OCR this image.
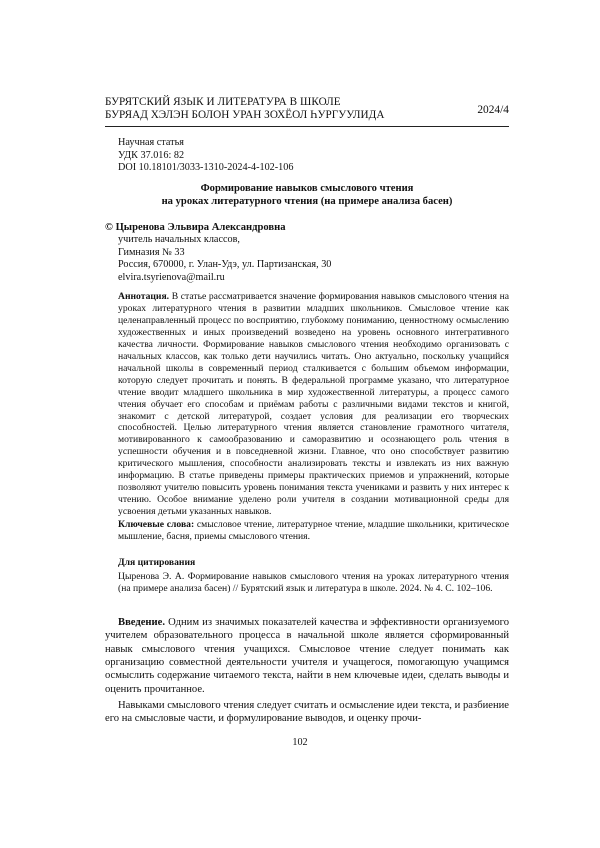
БУРЯТСКИЙ ЯЗЫК И ЛИТЕРАТУРА В ШКОЛЕ
БУРЯАД ХЭЛЭН БОЛОН УРАН ЗОХЁОЛ ҺУРГУУЛИДА	2024/4
Научная статья
УДК 37.016: 82
DOI 10.18101/3033-1310-2024-4-102-106
Формирование навыков смыслового чтения
на уроках литературного чтения (на примере анализа басен)
© Цыренова Эльвира Александровна
учитель начальных классов,
Гимназия № 33
Россия, 670000, г. Улан-Удэ, ул. Партизанская, 30
elvira.tsyrienova@mail.ru
Аннотация. В статье рассматривается значение формирования навыков смыслового чтения на уроках литературного чтения в развитии младших школьников. Смысловое чтение как целенаправленный процесс по восприятию, глубокому пониманию, ценностному осмыслению художественных и иных произведений возведено на уровень основного интегративного качества личности. Формирование навыков смыслового чтения необходимо организовать с начальных классов, как только дети научились читать. Оно актуально, поскольку учащийся начальной школы в современный период сталкивается с большим объемом информации, которую следует прочитать и понять. В федеральной программе указано, что литературное чтение вводит младшего школьника в мир художественной литературы, а процесс самого чтения обучает его способам и приёмам работы с различными видами текстов и книгой, знакомит с детской литературой, создает условия для реализации его творческих способностей. Целью литературного чтения является становление грамотного читателя, мотивированного к самообразованию и саморазвитию и осознающего роль чтения в успешности обучения и в повседневной жизни. Главное, что оно способствует развитию критического мышления, способности анализировать тексты и извлекать из них важную информацию. В статье приведены примеры практических приемов и упражнений, которые позволяют учителю повысить уровень понимания текста учениками и развить у них интерес к чтению. Особое внимание уделено роли учителя в создании мотивационной среды для усвоения детьми указанных навыков.
Ключевые слова: смысловое чтение, литературное чтение, младшие школьники, критическое мышление, басня, приемы смыслового чтения.
Для цитирования
Цыренова Э. А. Формирование навыков смыслового чтения на уроках литературного чтения (на примере анализа басен) // Бурятский язык и литература в школе. 2024. № 4. С. 102–106.

Введение. Одним из значимых показателей качества и эффективности организуемого учителем образовательного процесса в начальной школе является сформированный навык смыслового чтения учащихся. Смысловое чтение следует понимать как организацию совместной деятельности учителя и учащегося, помогающую учащимся осмыслить содержание читаемого текста, найти в нем ключевые идеи, сделать выводы и оценить прочитанное.

Навыками смыслового чтения следует считать и осмысление идеи текста, и разбиение его на смысловые части, и формулирование выводов, и оценку прочи-

102
